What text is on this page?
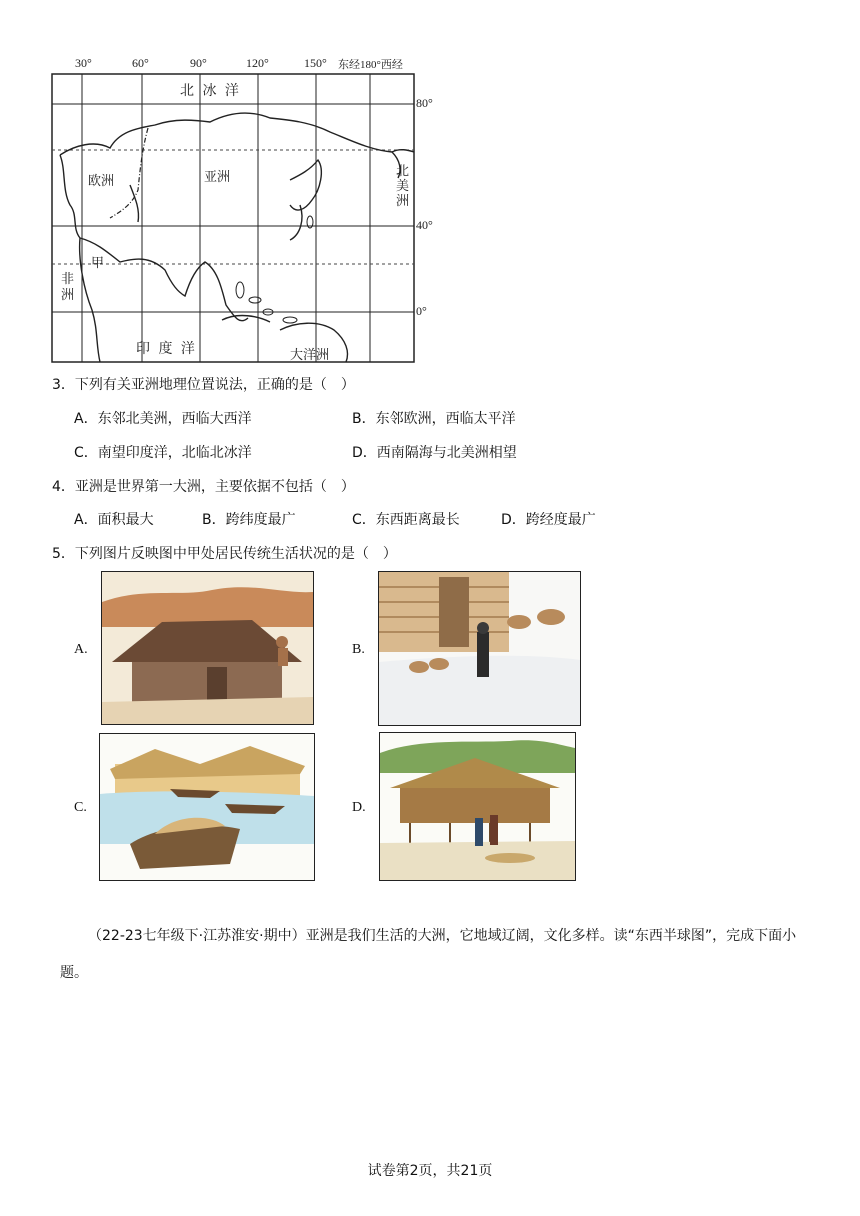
30°	60°	90°	120°	150° 东经180°西经
80°
40°
0°
北 冰 洋
欧洲	亚洲
非洲
北美洲
甲
印 度 洋	大洋洲
3．下列有关亚洲地理位置说法，正确的是（　）
A．东邻北美洲，西临大西洋	B．东邻欧洲，西临太平洋
C．南望印度洋，北临北冰洋	D．西南隔海与北美洲相望
4．亚洲是世界第一大洲，主要依据不包括（　）
A．面积最大	B．跨纬度最广	C．东西距离最长	D．跨经度最广
5．下列图片反映图中甲处居民传统生活状况的是（　）
A.	B.
C.	D.
（22-23七年级下·江苏淮安·期中）亚洲是我们生活的大洲，它地域辽阔，文化多样。读“东西半球图”，完成下面小题。
试卷第2页，共21页
